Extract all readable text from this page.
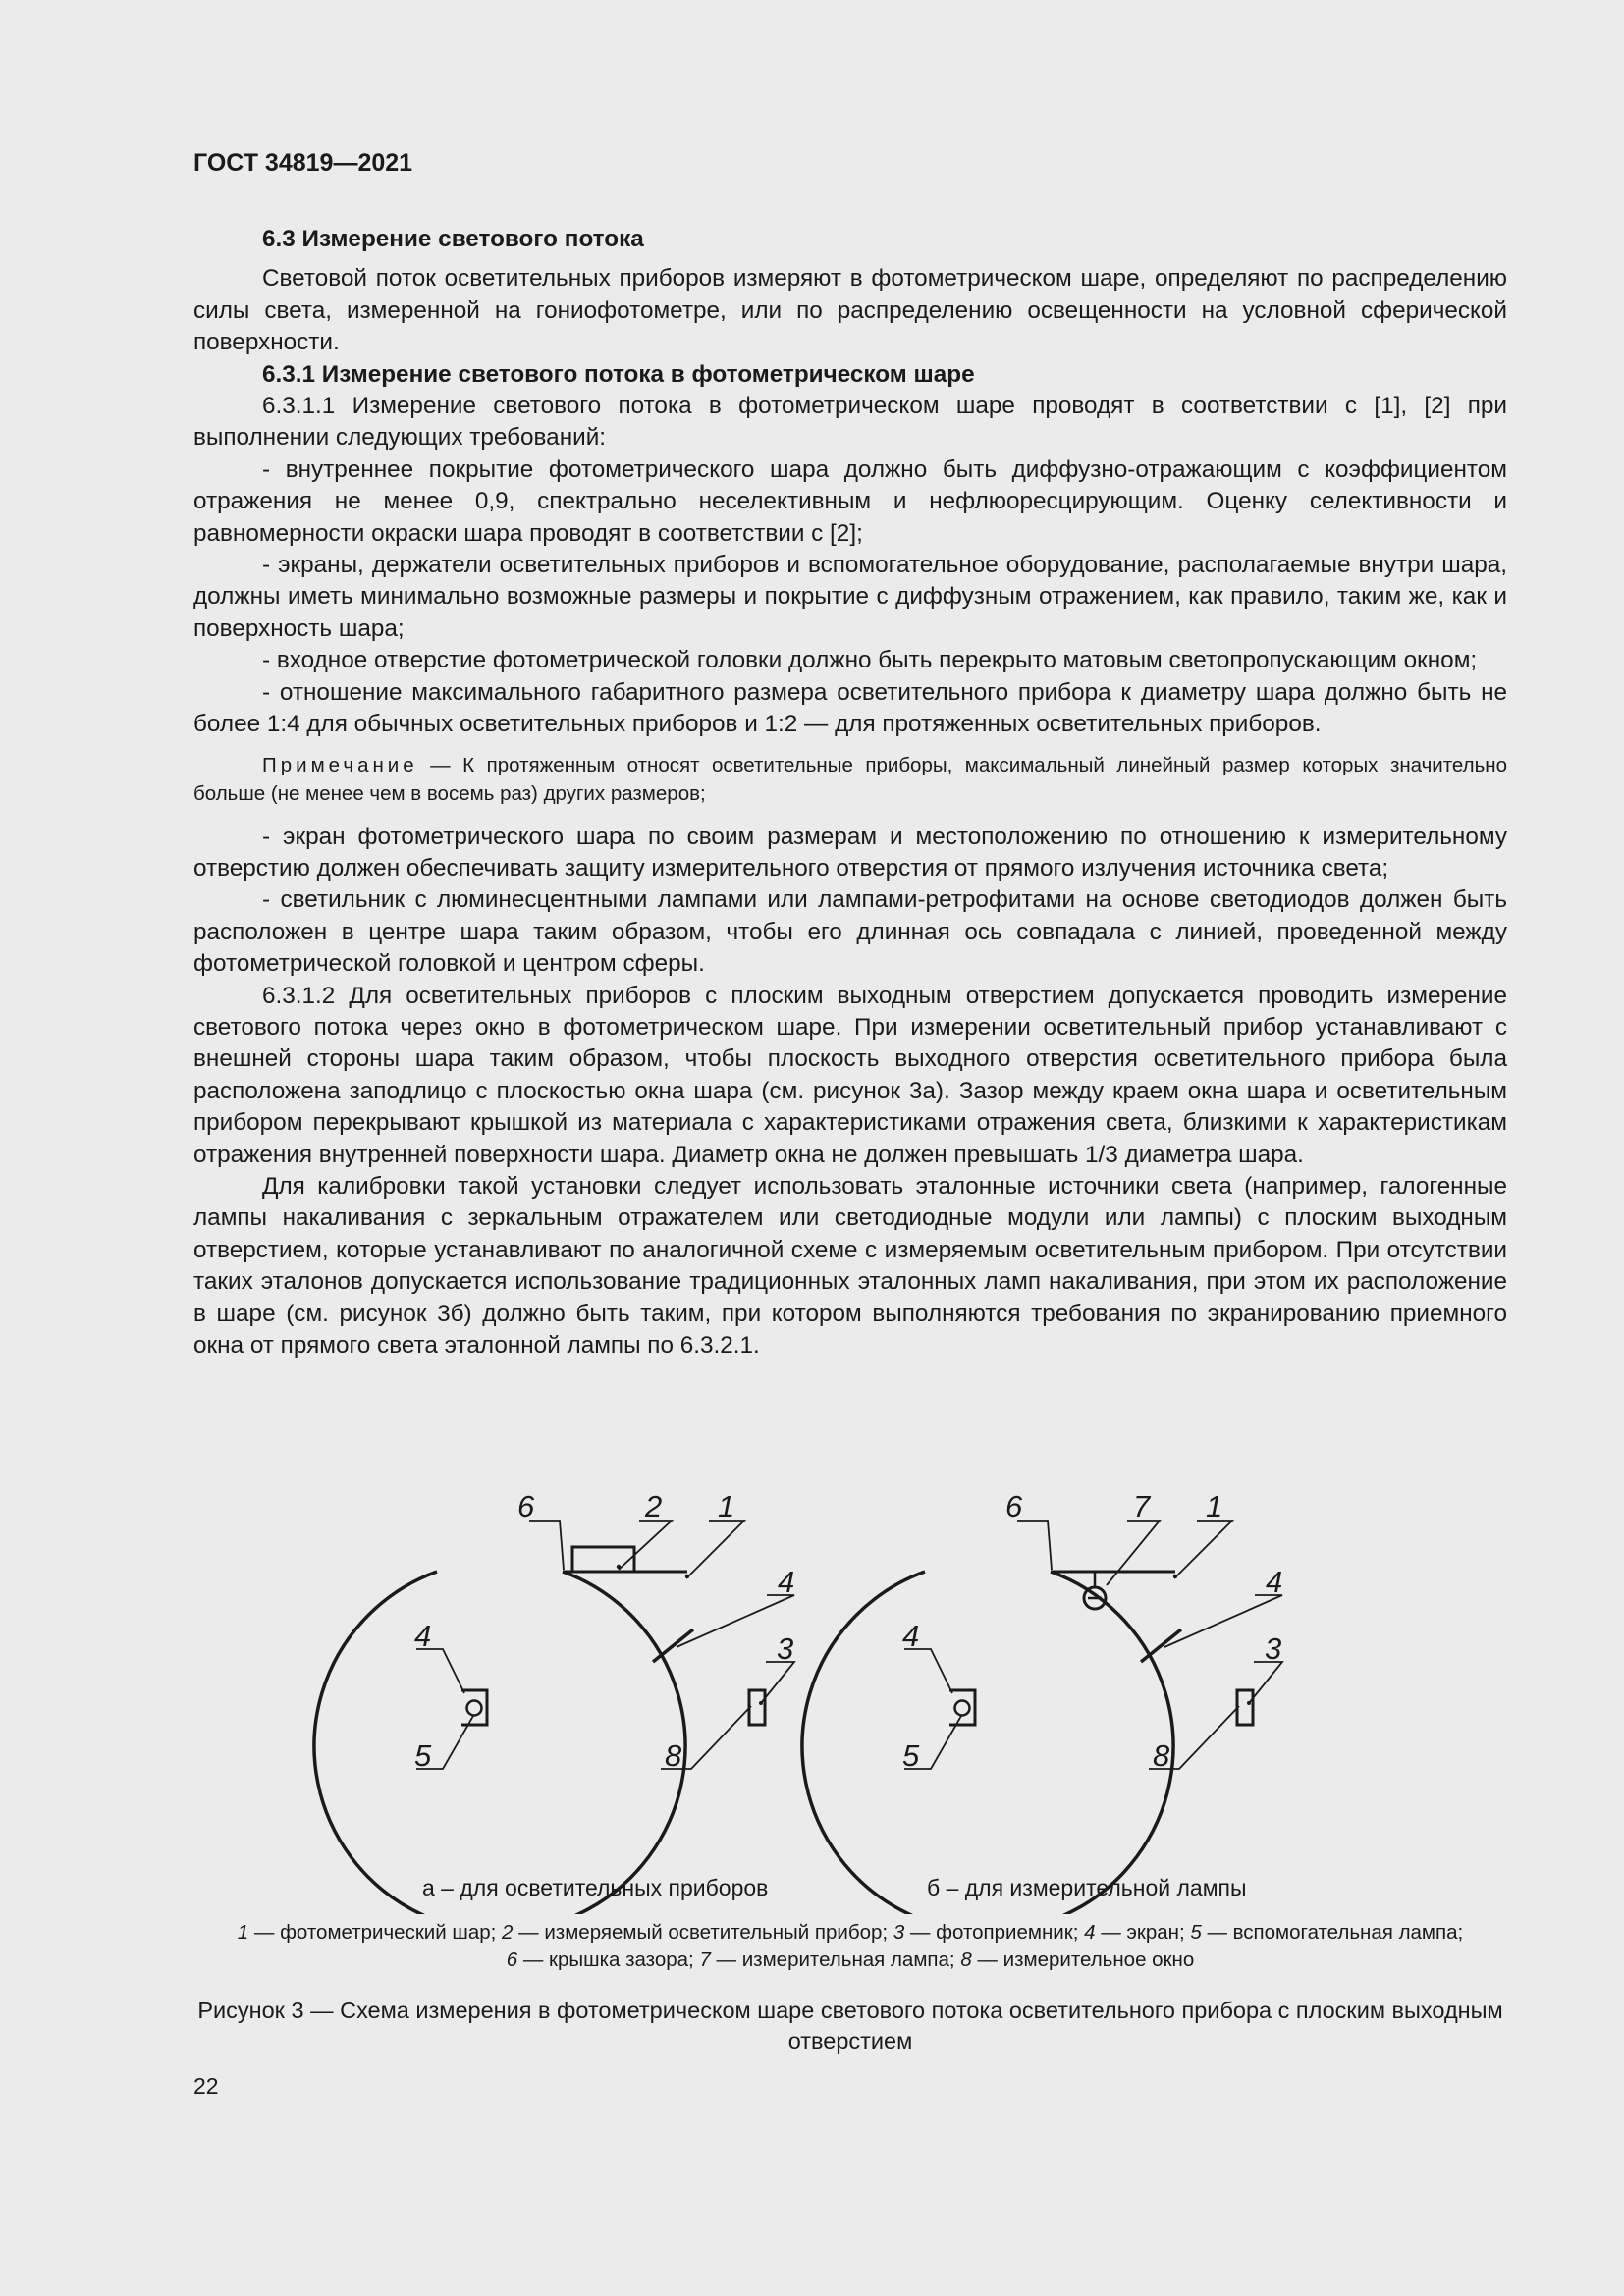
ГОСТ 34819—2021

6.3 Измерение светового потока

Световой поток осветительных приборов измеряют в фотометрическом шаре, определяют по распределению силы света, измеренной на гониофотометре, или по распределению освещенности на условной сферической поверхности.

6.3.1 Измерение светового потока в фотометрическом шаре

6.3.1.1 Измерение светового потока в фотометрическом шаре проводят в соответствии с [1], [2] при выполнении следующих требований:

- внутреннее покрытие фотометрического шара должно быть диффузно-отражающим с коэффициентом отражения не менее 0,9, спектрально неселективным и нефлюоресцирующим. Оценку селективности и равномерности окраски шара проводят в соответствии с [2];

- экраны, держатели осветительных приборов и вспомогательное оборудование, располагаемые внутри шара, должны иметь минимально возможные размеры и покрытие с диффузным отражением, как правило, таким же, как и поверхность шара;

- входное отверстие фотометрической головки должно быть перекрыто матовым светопропускающим окном;

- отношение максимального габаритного размера осветительного прибора к диаметру шара должно быть не более 1:4 для обычных осветительных приборов и 1:2 — для протяженных осветительных приборов.

Примечание — К протяженным относят осветительные приборы, максимальный линейный размер которых значительно больше (не менее чем в восемь раз) других размеров;

- экран фотометрического шара по своим размерам и местоположению по отношению к измерительному отверстию должен обеспечивать защиту измерительного отверстия от прямого излучения источника света;

- светильник с люминесцентными лампами или лампами-ретрофитами на основе светодиодов должен быть расположен в центре шара таким образом, чтобы его длинная ось совпадала с линией, проведенной между фотометрической головкой и центром сферы.

6.3.1.2 Для осветительных приборов с плоским выходным отверстием допускается проводить измерение светового потока через окно в фотометрическом шаре. При измерении осветительный прибор устанавливают с внешней стороны шара таким образом, чтобы плоскость выходного отверстия осветительного прибора была расположена заподлицо с плоскостью окна шара (см. рисунок 3а). Зазор между краем окна шара и осветительным прибором перекрывают крышкой из материала с характеристиками отражения света, близкими к характеристикам отражения внутренней поверхности шара. Диаметр окна не должен превышать 1/3 диаметра шара.

Для калибровки такой установки следует использовать эталонные источники света (например, галогенные лампы накаливания с зеркальным отражателем или светодиодные модули или лампы) с плоским выходным отверстием, которые устанавливают по аналогичной схеме с измеряемым осветительным прибором. При отсутствии таких эталонов допускается использование традиционных эталонных ламп накаливания, при этом их расположение в шаре (см. рисунок 3б) должно быть таким, при котором выполняются требования по экранированию приемного окна от прямого света эталонной лампы по 6.3.2.1.

6	2 1
4
4	3
5	8
6	7 1
4
4	3
5	8
а – для осветительных приборов	б – для измерительной лампы
1 — фотометрический шар; 2 — измеряемый осветительный прибор; 3 — фотоприемник; 4 — экран; 5 — вспомогательная лампа;
6 — крышка зазора; 7 — измерительная лампа; 8 — измерительное окно
Рисунок 3 — Схема измерения в фотометрическом шаре светового потока осветительного прибора с плоским выходным отверстием
22
